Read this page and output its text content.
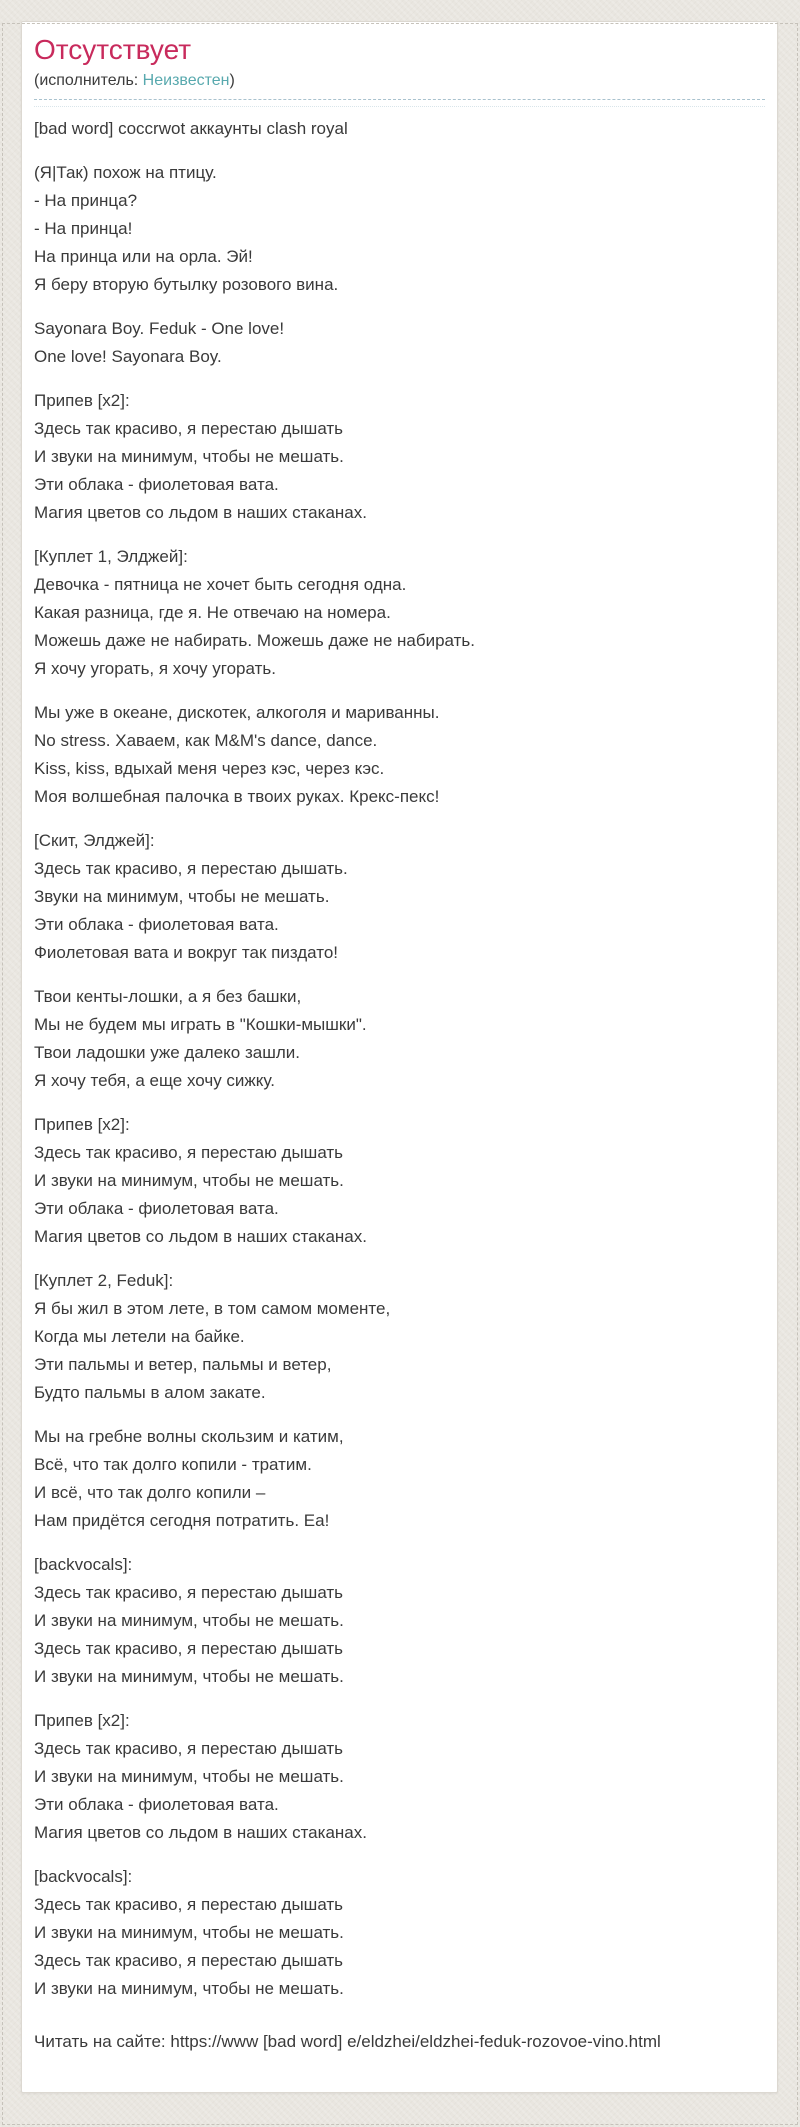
Отсутствует
(исполнитель: Неизвестен)

[bad word] coccrwot аккаунты clash royal

(Я|Так) похож на птицу.
- На принца?
- На принца!
На принца или на орла. Эй!
Я беру вторую бутылку розового вина.

Sayonara Boy. Feduk - One love!
One love! Sayonara Boy.

Припев [x2]:
Здесь так красиво, я перестаю дышать
И звуки на минимум, чтобы не мешать.
Эти облака - фиолетовая вата.
Магия цветов со льдом в наших стаканах.

[Куплет 1, Элджей]:
Девочка - пятница не хочет быть сегодня одна.
Какая разница, где я. Не отвечаю на номера.
Можешь даже не набирать. Можешь даже не набирать.
Я хочу угорать, я хочу угорать.

Мы уже в океане, дискотек, алкоголя и мариванны.
No stress. Хаваем, как M&M's dance, dance.
Kiss, kiss, вдыхай меня через кэс, через кэс.
Моя волшебная палочка в твоих руках. Крекс-пекс!

[Скит, Элджей]:
Здесь так красиво, я перестаю дышать.
Звуки на минимум, чтобы не мешать.
Эти облака - фиолетовая вата.
Фиолетовая вата и вокруг так пиздато!

Твои кенты-лошки, а я без башки,
Мы не будем мы играть в "Кошки-мышки".
Твои ладошки уже далеко зашли.
Я хочу тебя, а еще хочу сижку.

Припев [x2]:
Здесь так красиво, я перестаю дышать
И звуки на минимум, чтобы не мешать.
Эти облака - фиолетовая вата.
Магия цветов со льдом в наших стаканах.

[Куплет 2, Feduk]:
Я бы жил в этом лете, в том самом моменте,
Когда мы летели на байке.
Эти пальмы и ветер, пальмы и ветер,
Будто пальмы в алом закате.

Мы на гребне волны скользим и катим,
Всё, что так долго копили - тратим.
И всё, что так долго копили –
Нам придётся сегодня потратить. Еа!

[backvocals]:
Здесь так красиво, я перестаю дышать
И звуки на минимум, чтобы не мешать.
Здесь так красиво, я перестаю дышать
И звуки на минимум, чтобы не мешать.

Припев [x2]:
Здесь так красиво, я перестаю дышать
И звуки на минимум, чтобы не мешать.
Эти облака - фиолетовая вата.
Магия цветов со льдом в наших стаканах.

[backvocals]:
Здесь так красиво, я перестаю дышать
И звуки на минимум, чтобы не мешать.
Здесь так красиво, я перестаю дышать
И звуки на минимум, чтобы не мешать.

Читать на сайте: https://www [bad word] e/eldzhei/eldzhei-feduk-rozovoe-vino.html
